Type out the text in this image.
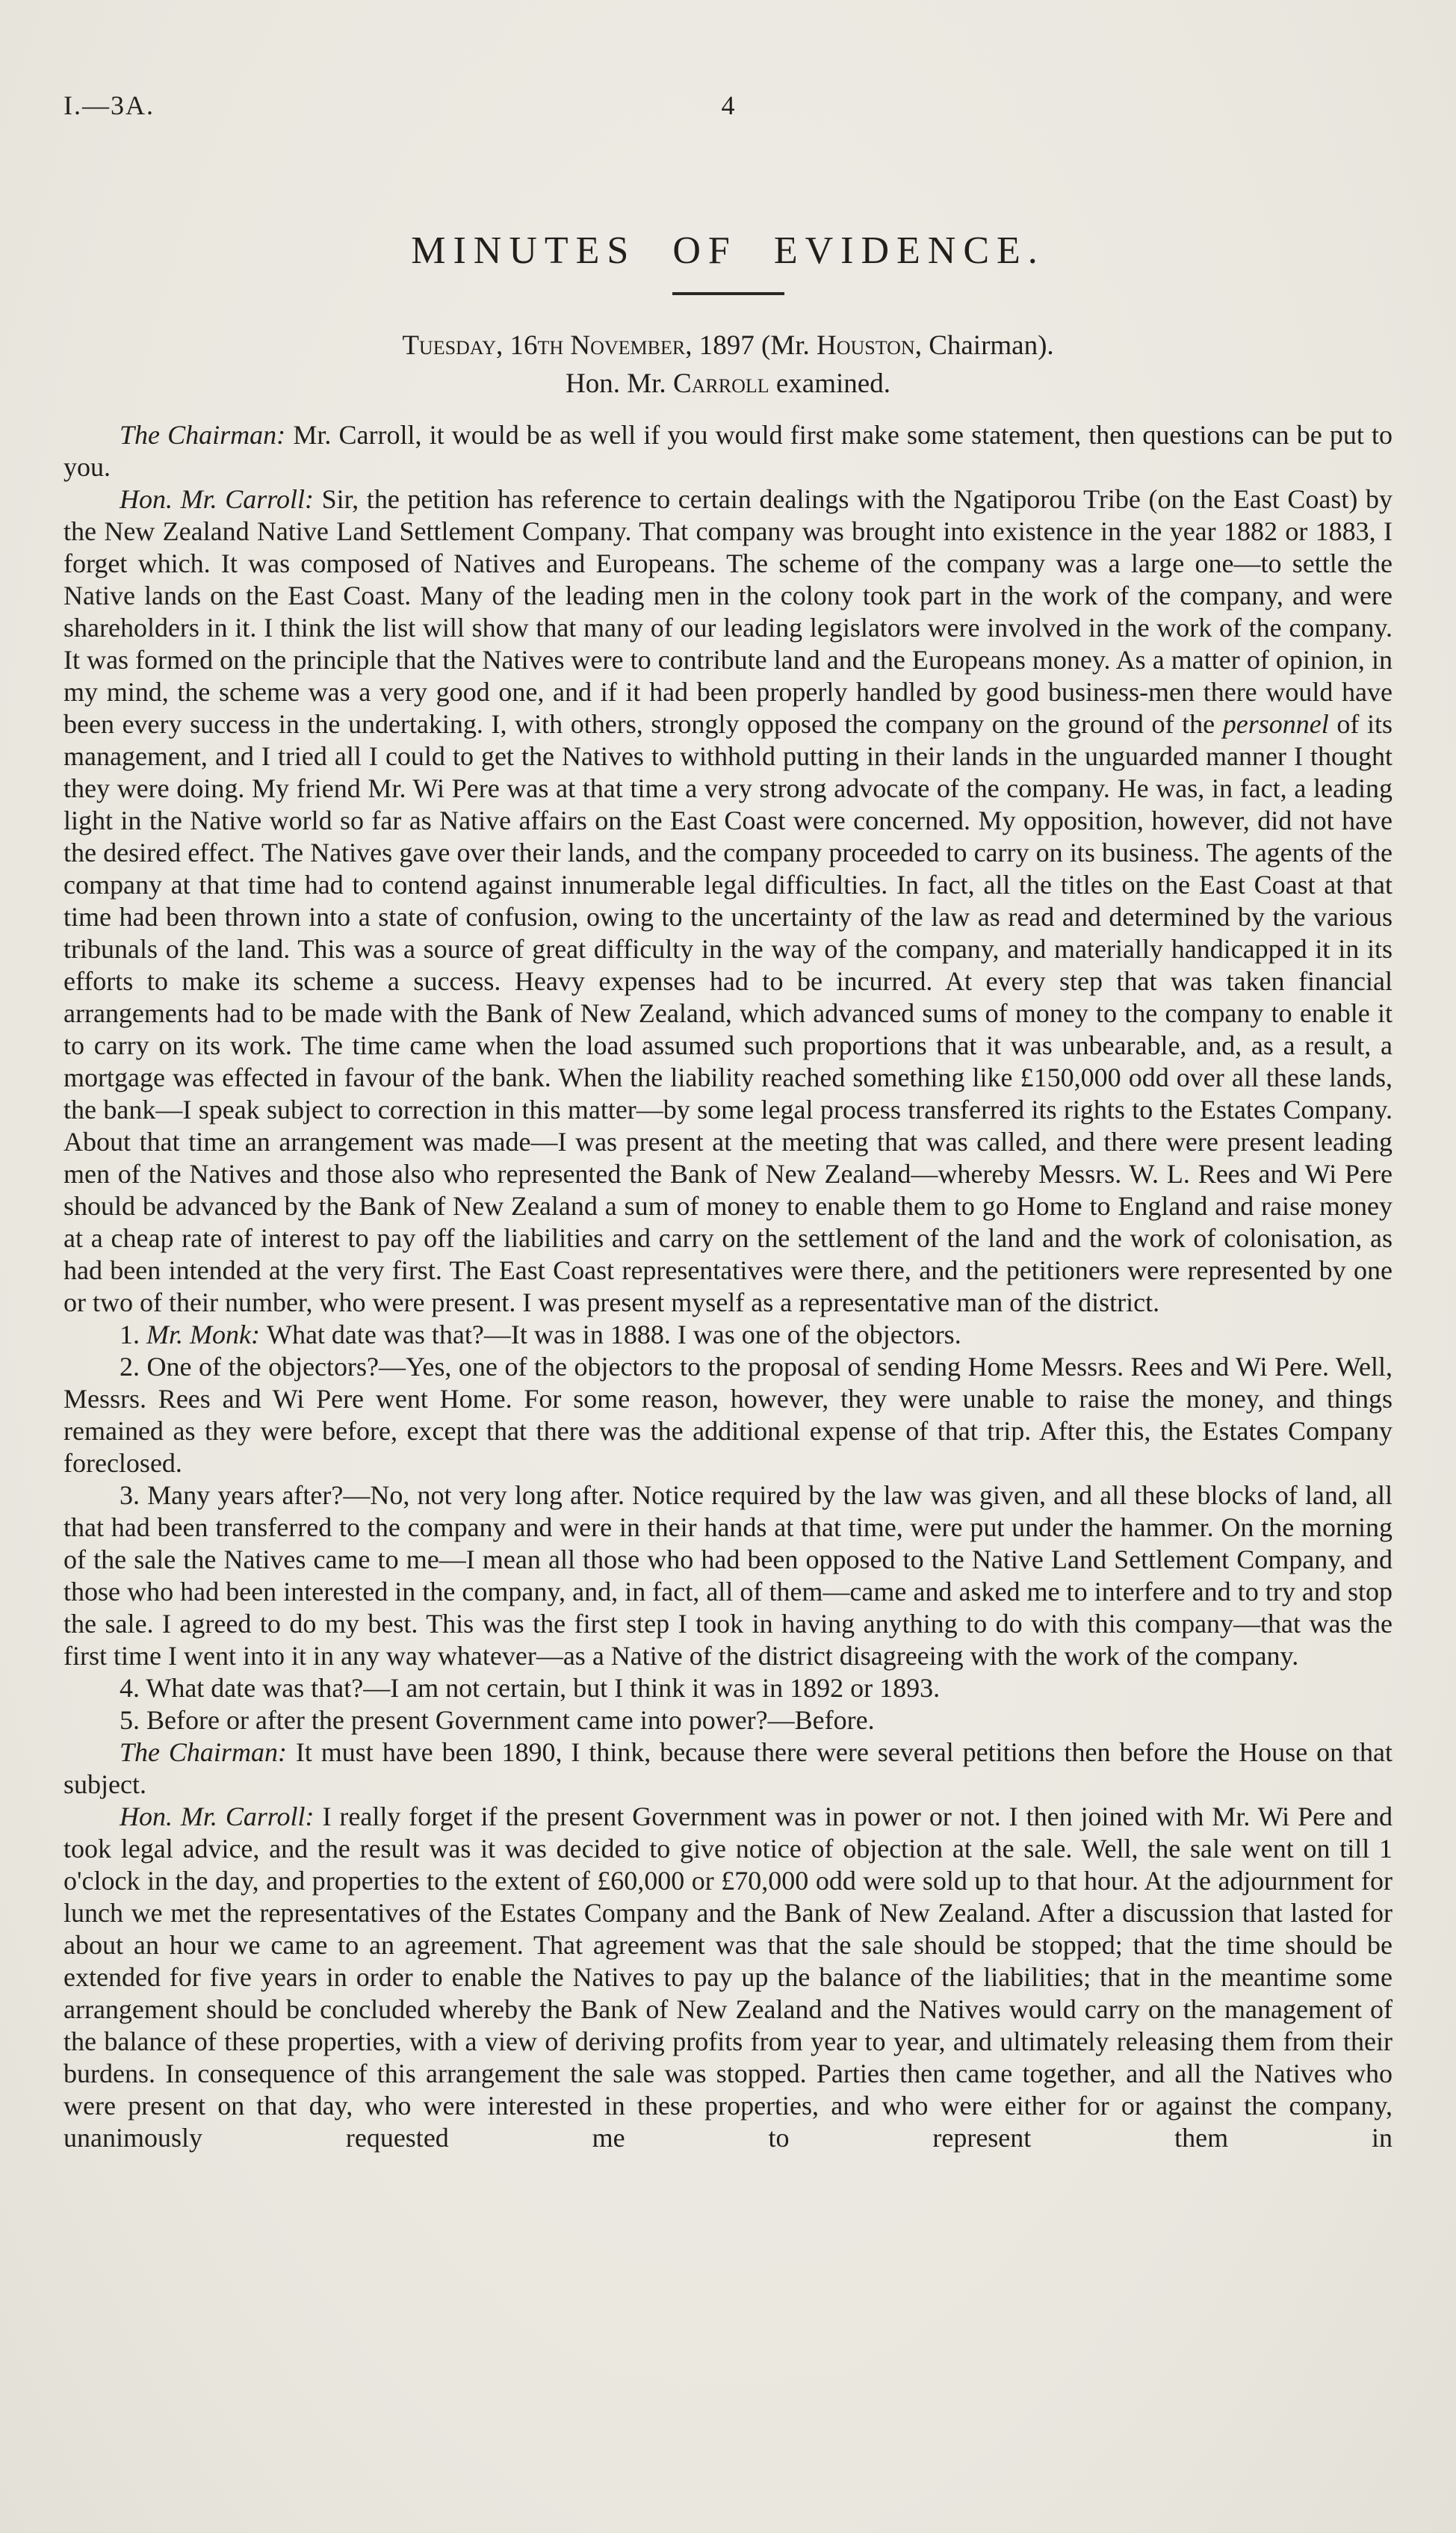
I.—3A.	4
MINUTES OF EVIDENCE.
Tuesday, 16th November, 1897 (Mr. Houston, Chairman).
Hon. Mr. Carroll examined.

The Chairman: Mr. Carroll, it would be as well if you would first make some statement, then questions can be put to you.

Hon. Mr. Carroll: Sir, the petition has reference to certain dealings with the Ngatiporou Tribe (on the East Coast) by the New Zealand Native Land Settlement Company. That company was brought into existence in the year 1882 or 1883, I forget which. It was composed of Natives and Europeans. The scheme of the company was a large one—to settle the Native lands on the East Coast. Many of the leading men in the colony took part in the work of the company, and were shareholders in it. I think the list will show that many of our leading legislators were involved in the work of the company. It was formed on the principle that the Natives were to contribute land and the Europeans money. As a matter of opinion, in my mind, the scheme was a very good one, and if it had been properly handled by good business-men there would have been every success in the undertaking. I, with others, strongly opposed the company on the ground of the personnel of its management, and I tried all I could to get the Natives to withhold putting in their lands in the unguarded manner I thought they were doing. My friend Mr. Wi Pere was at that time a very strong advocate of the company. He was, in fact, a leading light in the Native world so far as Native affairs on the East Coast were concerned. My opposition, however, did not have the desired effect. The Natives gave over their lands, and the company proceeded to carry on its business. The agents of the company at that time had to contend against innumerable legal difficulties. In fact, all the titles on the East Coast at that time had been thrown into a state of confusion, owing to the uncertainty of the law as read and determined by the various tribunals of the land. This was a source of great difficulty in the way of the company, and materially handicapped it in its efforts to make its scheme a success. Heavy expenses had to be incurred. At every step that was taken financial arrangements had to be made with the Bank of New Zealand, which advanced sums of money to the company to enable it to carry on its work. The time came when the load assumed such proportions that it was unbearable, and, as a result, a mortgage was effected in favour of the bank. When the liability reached something like £150,000 odd over all these lands, the bank—I speak subject to correction in this matter—by some legal process transferred its rights to the Estates Company. About that time an arrangement was made—I was present at the meeting that was called, and there were present leading men of the Natives and those also who represented the Bank of New Zealand—whereby Messrs. W. L. Rees and Wi Pere should be advanced by the Bank of New Zealand a sum of money to enable them to go Home to England and raise money at a cheap rate of interest to pay off the liabilities and carry on the settlement of the land and the work of colonisation, as had been intended at the very first. The East Coast representatives were there, and the petitioners were represented by one or two of their number, who were present. I was present myself as a representative man of the district.

1. Mr. Monk: What date was that?—It was in 1888. I was one of the objectors.

2. One of the objectors?—Yes, one of the objectors to the proposal of sending Home Messrs. Rees and Wi Pere. Well, Messrs. Rees and Wi Pere went Home. For some reason, however, they were unable to raise the money, and things remained as they were before, except that there was the additional expense of that trip. After this, the Estates Company foreclosed.

3. Many years after?—No, not very long after. Notice required by the law was given, and all these blocks of land, all that had been transferred to the company and were in their hands at that time, were put under the hammer. On the morning of the sale the Natives came to me—I mean all those who had been opposed to the Native Land Settlement Company, and those who had been interested in the company, and, in fact, all of them—came and asked me to interfere and to try and stop the sale. I agreed to do my best. This was the first step I took in having anything to do with this company—that was the first time I went into it in any way whatever—as a Native of the district disagreeing with the work of the company.

4. What date was that?—I am not certain, but I think it was in 1892 or 1893.

5. Before or after the present Government came into power?—Before.

The Chairman: It must have been 1890, I think, because there were several petitions then before the House on that subject.

Hon. Mr. Carroll: I really forget if the present Government was in power or not. I then joined with Mr. Wi Pere and took legal advice, and the result was it was decided to give notice of objection at the sale. Well, the sale went on till 1 o'clock in the day, and properties to the extent of £60,000 or £70,000 odd were sold up to that hour. At the adjournment for lunch we met the representatives of the Estates Company and the Bank of New Zealand. After a discussion that lasted for about an hour we came to an agreement. That agreement was that the sale should be stopped; that the time should be extended for five years in order to enable the Natives to pay up the balance of the liabilities; that in the meantime some arrangement should be concluded whereby the Bank of New Zealand and the Natives would carry on the management of the balance of these properties, with a view of deriving profits from year to year, and ultimately releasing them from their burdens. In consequence of this arrangement the sale was stopped. Parties then came together, and all the Natives who were present on that day, who were interested in these properties, and who were either for or against the company, unanimously requested me to represent them in
